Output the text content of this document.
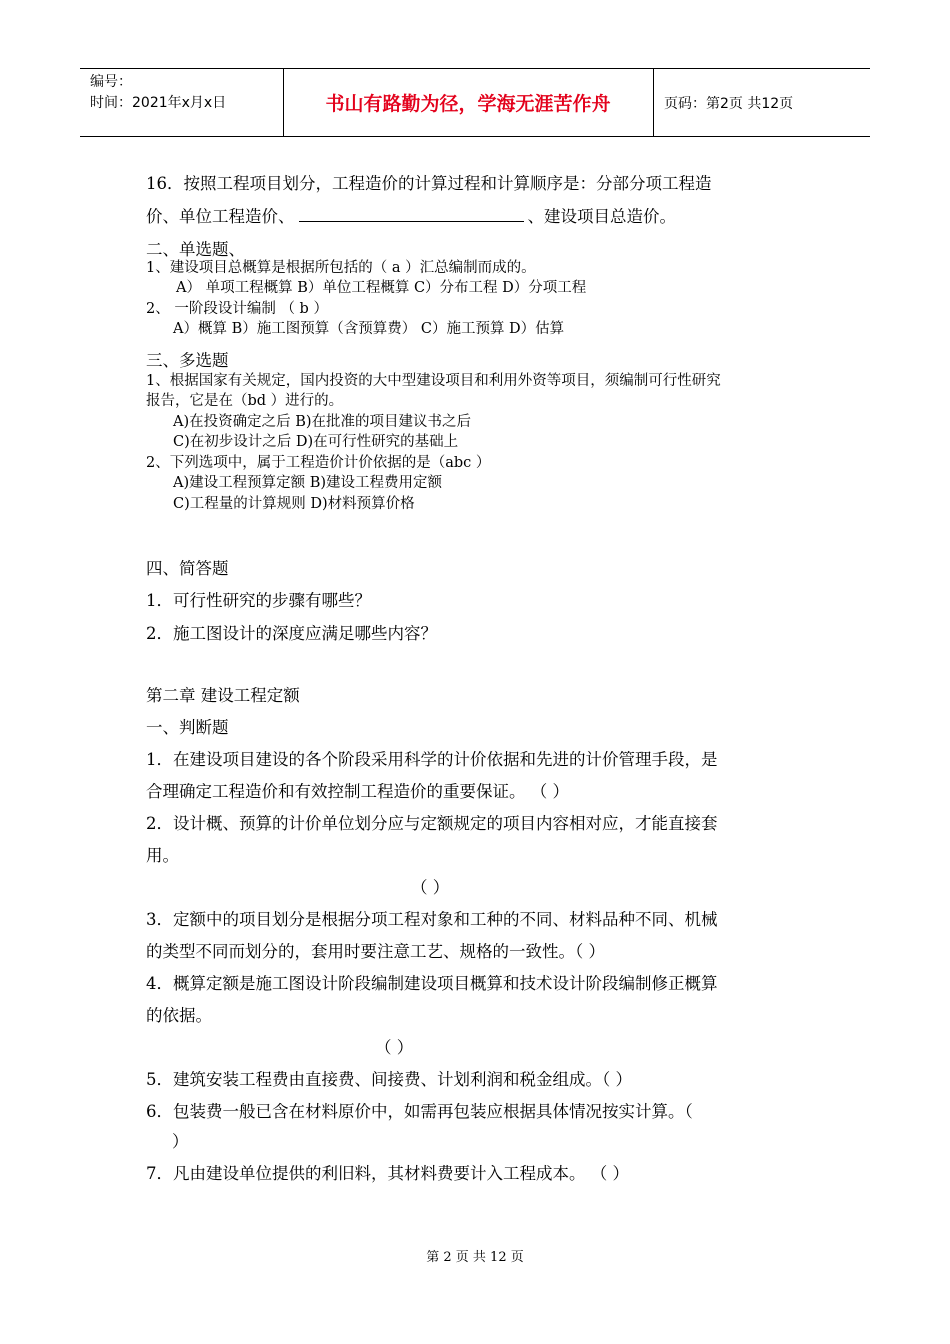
编号：
时间：2021年x月x日	书山有路勤为径，学海无涯苦作舟	页码：第2页 共12页
16．按照工程项目划分，工程造价的计算过程和计算顺序是：分部分项工程造
价、单位工程造价、	、建设项目总造价。
二、单选题、
1、建设项目总概算是根据所包括的（ a ）汇总编制而成的。
A） 单项工程概算 B）单位工程概算 C）分布工程 D）分项工程
2、 一阶段设计编制 （ b ）
A）概算 B）施工图预算（含预算费） C）施工预算 D）估算
三、多选题
1、根据国家有关规定，国内投资的大中型建设项目和利用外资等项目，须编制可行性研究
报告，它是在（bd ）进行的。
A)在投资确定之后 B)在批准的项目建议书之后
C)在初步设计之后 D)在可行性研究的基础上
2、下列选项中，属于工程造价计价依据的是（abc ）
A)建设工程预算定额 B)建设工程费用定额
C)工程量的计算规则 D)材料预算价格
四、简答题
1．可行性研究的步骤有哪些？
2．施工图设计的深度应满足哪些内容？
第二章 建设工程定额
一、判断题
1．在建设项目建设的各个阶段采用科学的计价依据和先进的计价管理手段，是
合理确定工程造价和有效控制工程造价的重要保证。 （ ）
2．设计概、预算的计价单位划分应与定额规定的项目内容相对应，才能直接套
用。
（ ）
3．定额中的项目划分是根据分项工程对象和工种的不同、材料品种不同、机械
的类型不同而划分的，套用时要注意工艺、规格的一致性。（ ）
4．概算定额是施工图设计阶段编制建设项目概算和技术设计阶段编制修正概算
的依据。
（ ）
5．建筑安装工程费由直接费、间接费、计划利润和税金组成。（ ）
6．包装费一般已含在材料原价中，如需再包装应根据具体情况按实计算。（
）
7．凡由建设单位提供的利旧料，其材料费要计入工程成本。 （ ）
第 2 页 共 12 页
